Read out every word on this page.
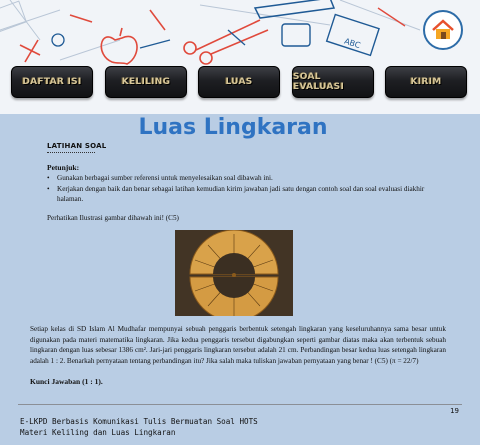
ABC
DAFTAR ISI	KELILING	LUAS	SOAL EVALUASI	KIRIM
Luas Lingkaran
LATIHAN SOAL
Petunjuk:
•	Gunakan berbagai sumber referensi untuk menyelesaikan soal dibawah ini.
•	Kerjakan dengan baik dan benar sebagai latihan kemudian kirim jawaban jadi satu dengan contoh soal dan soal evaluasi diakhir halaman.
Perhatikan Ilustrasi gambar dihawah ini! (C5)
Setiap kelas di SD Islam Al Mudhafar mempunyai sebuah penggaris berbentuk setengah lingkaran yang keseluruhannya sama besar untuk digunakan pada materi matematika lingkaran. Jika kedua penggaris tersebut digabungkan seperti gambar diatas maka akan terbentuk sebuah lingkaran dengan luas sebesar 1386 cm². Jari-jari penggaris lingkaran tersebut adalah 21 cm. Perbandingan besar kedua luas setengah lingkaran adalah 1 : 2. Benarkah pernyataan tentang perbandingan itu? Jika salah maka tuliskan jawaban pernyataan yang benar ! (C5) (π = 22/7)
Kunci Jawaban (1 : 1).
19
E-LKPD Berbasis Komunikasi Tulis Bermuatan Soal HOTS
Materi Keliling dan Luas Lingkaran
